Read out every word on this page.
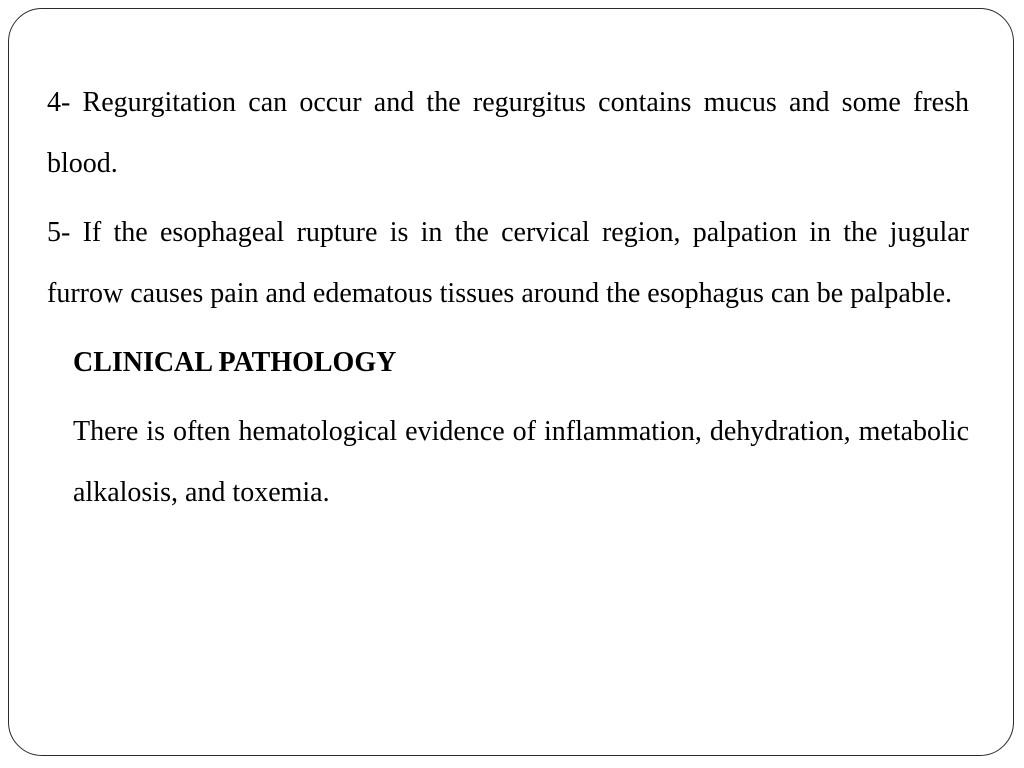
4- Regurgitation can occur and the regurgitus contains mucus and some fresh blood.

5- If the esophageal rupture is in the cervical region, palpation in the jugular furrow causes pain and edematous tissues around the esophagus can be palpable.

CLINICAL PATHOLOGY

There is often hematological evidence of inflammation, dehydration, metabolic alkalosis, and toxemia.
